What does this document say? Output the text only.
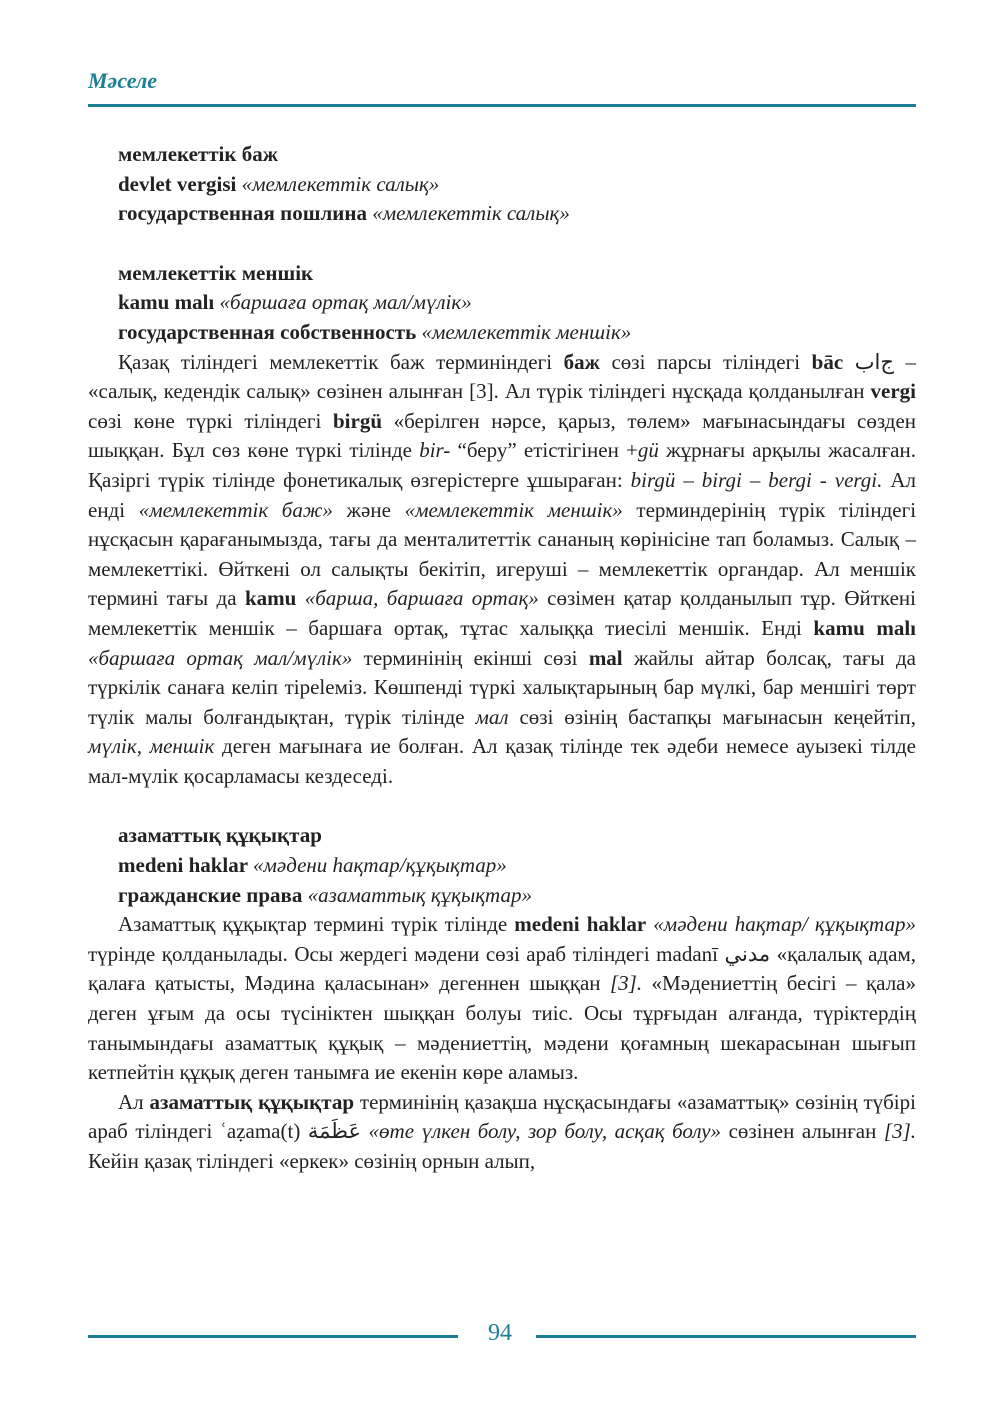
Мәселе

мемлекеттік баж

devlet vergisi «мемлекеттік салық»

государственная пошлина «мемлекеттік салық»

мемлекеттік меншік

kamu malı «баршаға ортақ мал/мүлік»

государственная собственность «мемлекеттік меншік»

Қазақ тіліндегі мемлекеттік баж терминіндегі баж сөзі парсы тіліндегі bāc ﺝﺍﺏ – «салық, кедендік салық» сөзінен алынған [3]. Ал түрік тіліндегі нұсқада қолданылған vergi сөзі көне түркі тіліндегі birgü «берілген нәрсе, қарыз, төлем» мағынасындағы сөзден шыққан. Бұл сөз көне түркі тілінде bir- “беру” етістігінен +gü жұрнағы арқылы жасалған. Қазіргі түрік тілінде фонетикалық өзгерістерге ұшыраған: birgü – birgi – bergi - vergi. Ал енді «мемлекеттік баж» және «мемлекеттік меншік» терминдерінің түрік тіліндегі нұсқасын қарағанымызда, тағы да менталитеттік сананың көрінісіне тап боламыз. Салық – мемлекеттікі. Өйткені ол салықты бекітіп, игеруші – мемлекеттік органдар. Ал меншік термині тағы да kamu «барша, баршаға ортақ» сөзімен қатар қолданылып тұр. Өйткені мемлекеттік меншік – баршаға ортақ, тұтас халыққа тиесілі меншік. Енді kamu malı «баршаға ортақ мал/мүлік» терминінің екінші сөзі mal жайлы айтар болсақ, тағы да түркілік санаға келіп тіреleміз. Көшпенді түркі халықтарының бар мүлкі, бар меншігі төрт түлік малы болғандықтан, түрік тілінде мал сөзі өзінің бастапқы мағынасын кеңейтіп, мүлік, меншік деген мағынаға ие болған. Ал қазақ тілінде тек әдеби немесе ауызекі тілде мал-мүлік қосарламасы кездеседі.

азаматтық құқықтар

medeni haklar «мәдени һақтар/құқықтар»

гражданские права «азаматтық құқықтар»

Азаматтық құқықтар термині түрік тілінде medeni haklar «мәдени һақтар/ құқықтар» түрінде қолданылады. Осы жердегі мәдени сөзі араб тіліндегі madanī مدني «қалалық адам, қалаға қатысты, Мәдина қаласынан» дегеннен шыққан [3]. «Мәдениеттің бесігі – қала» деген ұғым да осы түсініктен шыққан болуы тиіс. Осы тұрғыдан алғанда, түріктердің танымындағы азаматтық құқық – мәдениеттің, мәдени қоғамның шекарасынан шығып кетпейтін құқық деген танымға ие екенін көре аламыз.

Ал азаматтық құқықтар терминінің қазақша нұсқасындағы «азаматтық» сөзінің түбірі араб тіліндегі ʿaẓama(t) عَظَمَة «өте үлкен болу, зор болу, асқақ болу» сөзінен алынған [3]. Кейін қазақ тіліндегі «еркек» сөзінің орнын алып,

94
